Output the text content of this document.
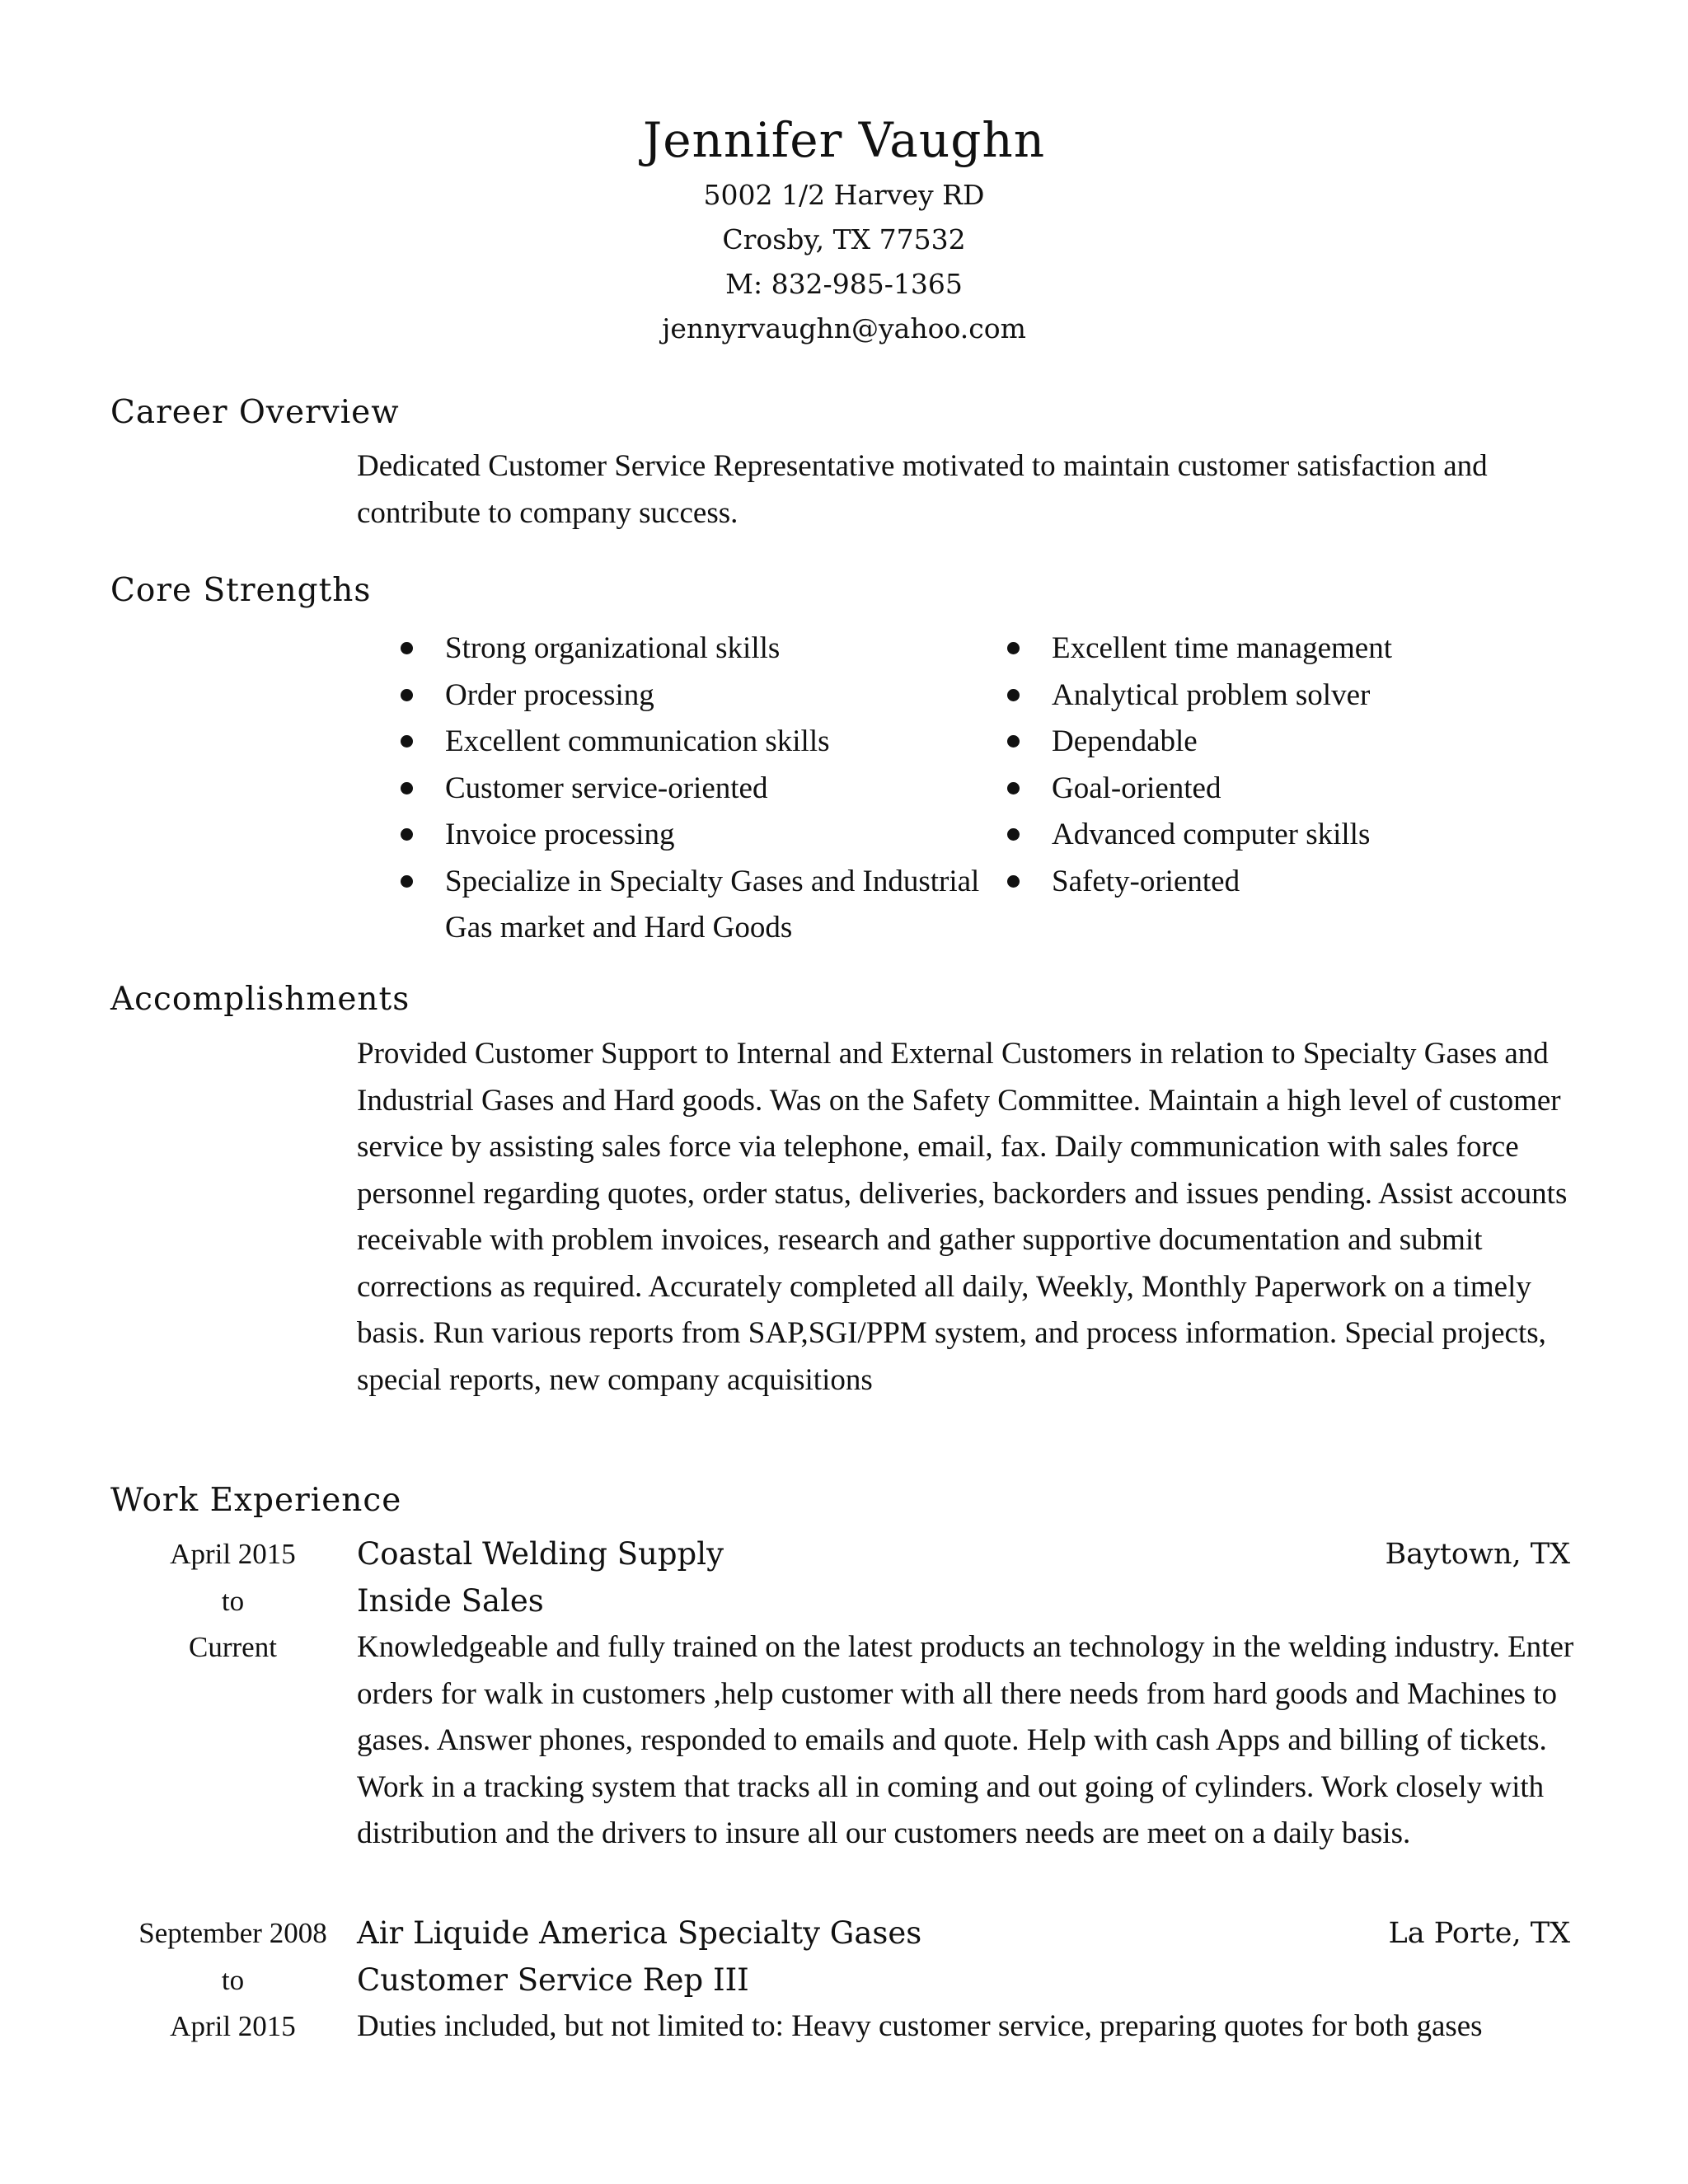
Jennifer Vaughn
5002 1/2 Harvey RD
Crosby, TX 77532
M: 832-985-1365
jennyrvaughn@yahoo.com
Career Overview
Dedicated Customer Service Representative motivated to maintain customer satisfaction and contribute to company success.
Core Strengths
Strong organizational skills
Order processing
Excellent communication skills
Customer service-oriented
Invoice processing
Specialize in Specialty Gases and Industrial Gas market and Hard Goods
Excellent time management
Analytical problem solver
Dependable
Goal-oriented
Advanced computer skills
Safety-oriented
Accomplishments
Provided Customer Support to Internal and External Customers in relation to Specialty Gases and Industrial Gases and Hard goods. Was on the Safety Committee. Maintain a high level of customer service by assisting sales force via telephone, email, fax. Daily communication with sales force personnel regarding quotes, order status, deliveries, backorders and issues pending. Assist accounts receivable with problem invoices, research and gather supportive documentation and submit corrections as required. Accurately completed all daily, Weekly, Monthly Paperwork on a timely basis. Run various reports from SAP,SGI/PPM system, and process information. Special projects, special reports, new company acquisitions
Work Experience
April 2015
to
Current
Coastal Welding Supply	Baytown, TX
Inside Sales
Knowledgeable and fully trained on the latest products an technology in the welding industry. Enter orders for walk in customers ,help customer with all there needs from hard goods and Machines to gases. Answer phones, responded to emails and quote. Help with cash Apps and billing of tickets. Work in a tracking system that tracks all in coming and out going of cylinders. Work closely with distribution and the drivers to insure all our customers needs are meet on a daily basis.
September 2008
to
April 2015
Air Liquide America Specialty Gases	La Porte, TX
Customer Service Rep III
Duties included, but not limited to: Heavy customer service, preparing quotes for both gases
